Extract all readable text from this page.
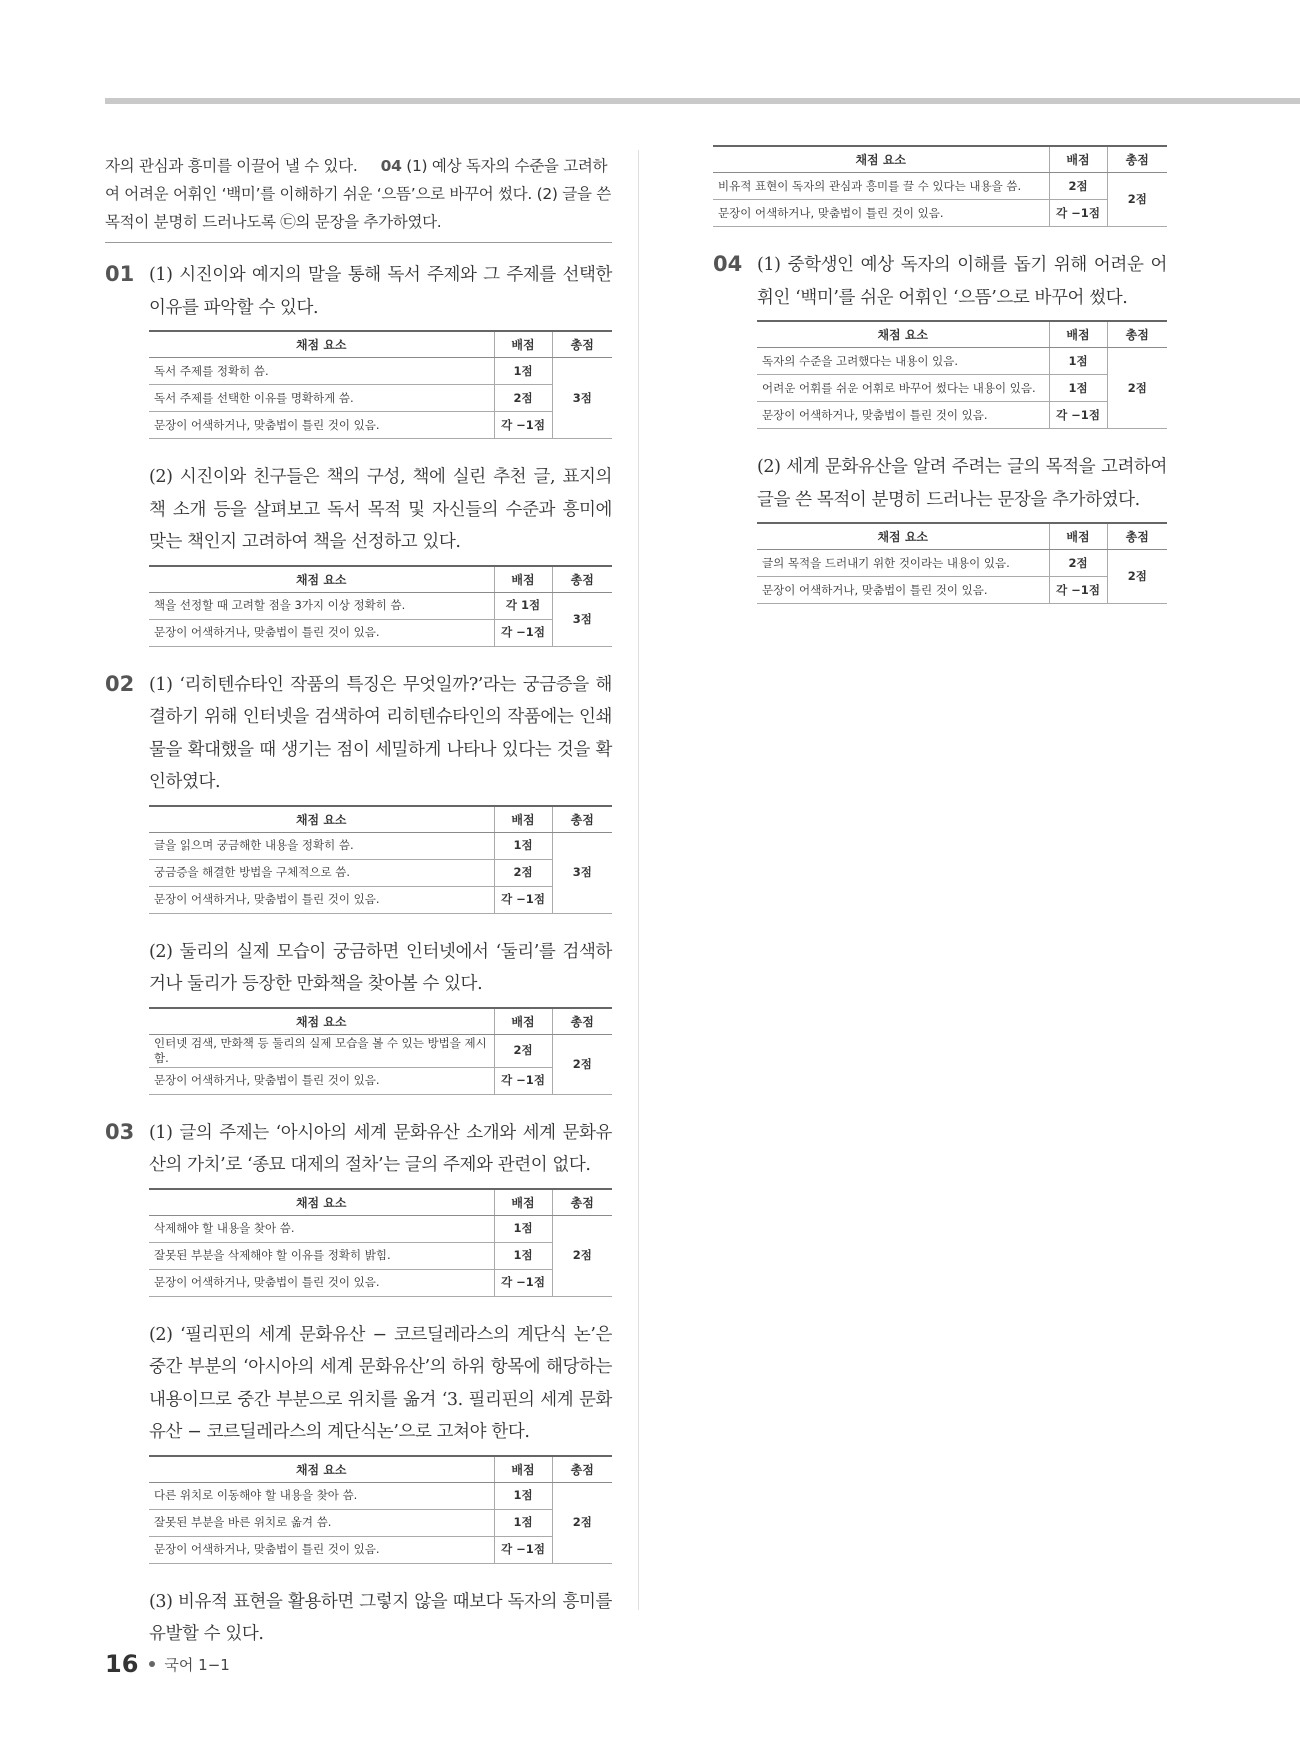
자의 관심과 흥미를 이끌어 낼 수 있다. 04 (1) 예상 독자의 수준을 고려하
여 어려운 어휘인 ‘백미’를 이해하기 쉬운 ‘으뜸’으로 바꾸어 썼다. (2) 글을 쓴
목적이 분명히 드러나도록 ㉢의 문장을 추가하였다.
01 (1) 시진이와 예지의 말을 통해 독서 주제와 그 주제를 선택한 이유를 파악할 수 있다.

채점 요소	배점	총점
독서 주제를 정확히 씀.	1점	3점
독서 주제를 선택한 이유를 명확하게 씀.	2점	
문장이 어색하거나, 맞춤법이 틀린 것이 있음.	각 −1점	

(2) 시진이와 친구들은 책의 구성, 책에 실린 추천 글, 표지의 책 소개 등을 살펴보고 독서 목적 및 자신들의 수준과 흥미에 맞는 책인지 고려하여 책을 선정하고 있다.

채점 요소	배점	총점
책을 선정할 때 고려할 점을 3가지 이상 정확히 씀.	각 1점	3점
문장이 어색하거나, 맞춤법이 틀린 것이 있음.	각 −1점	
02 (1) ‘리히텐슈타인 작품의 특징은 무엇일까?’라는 궁금증을 해결하기 위해 인터넷을 검색하여 리히텐슈타인의 작품에는 인쇄물을 확대했을 때 생기는 점이 세밀하게 나타나 있다는 것을 확인하였다.

채점 요소	배점	총점
글을 읽으며 궁금해한 내용을 정확히 씀.	1점	3점
궁금증을 해결한 방법을 구체적으로 씀.	2점	
문장이 어색하거나, 맞춤법이 틀린 것이 있음.	각 −1점	

(2) 둘리의 실제 모습이 궁금하면 인터넷에서 ‘둘리’를 검색하거나 둘리가 등장한 만화책을 찾아볼 수 있다.

채점 요소	배점	총점
인터넷 검색, 만화책 등 둘리의 실제 모습을 볼 수 있는 방법을 제시함.	2점	2점
문장이 어색하거나, 맞춤법이 틀린 것이 있음.	각 −1점	
03 (1) 글의 주제는 ‘아시아의 세계 문화유산 소개와 세계 문화유산의 가치’로 ‘종묘 대제의 절차’는 글의 주제와 관련이 없다.

채점 요소	배점	총점
삭제해야 할 내용을 찾아 씀.	1점	2점
잘못된 부분을 삭제해야 할 이유를 정확히 밝힘.	1점	
문장이 어색하거나, 맞춤법이 틀린 것이 있음.	각 −1점	

(2) ‘필리핀의 세계 문화유산 − 코르딜레라스의 계단식 논’은 중간 부분의 ‘아시아의 세계 문화유산’의 하위 항목에 해당하는 내용이므로 중간 부분으로 위치를 옮겨 ‘3. 필리핀의 세계 문화유산 − 코르딜레라스의 계단식논’으로 고쳐야 한다.

채점 요소	배점	총점
다른 위치로 이동해야 할 내용을 찾아 씀.	1점	2점
잘못된 부분을 바른 위치로 옮겨 씀.	1점	
문장이 어색하거나, 맞춤법이 틀린 것이 있음.	각 −1점	

(3) 비유적 표현을 활용하면 그렇지 않을 때보다 독자의 흥미를 유발할 수 있다.

채점 요소	배점	총점
비유적 표현이 독자의 관심과 흥미를 끌 수 있다는 내용을 씀.	2점	2점
문장이 어색하거나, 맞춤법이 틀린 것이 있음.	각 −1점	
04 (1) 중학생인 예상 독자의 이해를 돕기 위해 어려운 어휘인 ‘백미’를 쉬운 어휘인 ‘으뜸’으로 바꾸어 썼다.

채점 요소	배점	총점
독자의 수준을 고려했다는 내용이 있음.	1점	2점
어려운 어휘를 쉬운 어휘로 바꾸어 썼다는 내용이 있음.	1점	
문장이 어색하거나, 맞춤법이 틀린 것이 있음.	각 −1점	

(2) 세계 문화유산을 알려 주려는 글의 목적을 고려하여 글을 쓴 목적이 분명히 드러나는 문장을 추가하였다.

채점 요소	배점	총점
글의 목적을 드러내기 위한 것이라는 내용이 있음.	2점	2점
문장이 어색하거나, 맞춤법이 틀린 것이 있음.	각 −1점	
16 국어 1−1
